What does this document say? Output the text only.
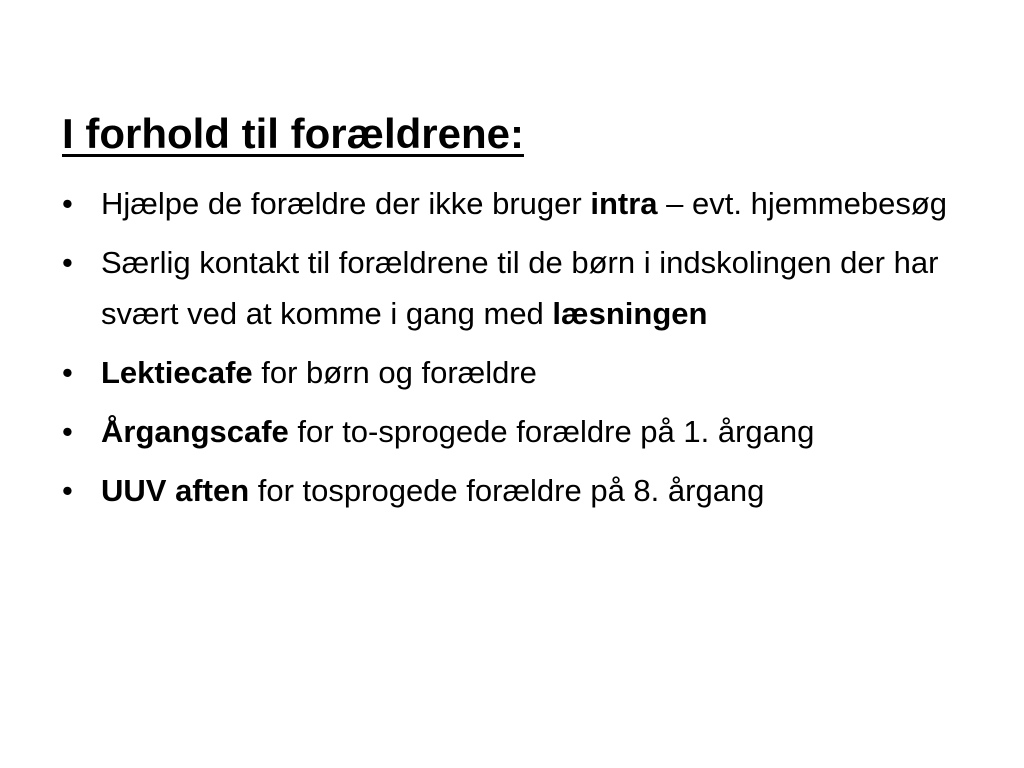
I forhold til forældrene:
• Hjælpe de forældre der ikke bruger intra – evt. hjemmebesøg
• Særlig kontakt til forældrene til de børn i indskolingen der har svært ved at komme i gang med læsningen
• Lektiecafe for børn og forældre
• Årgangscafe for to-sprogede forældre på 1. årgang
• UUV aften for tosprogede forældre på 8. årgang
